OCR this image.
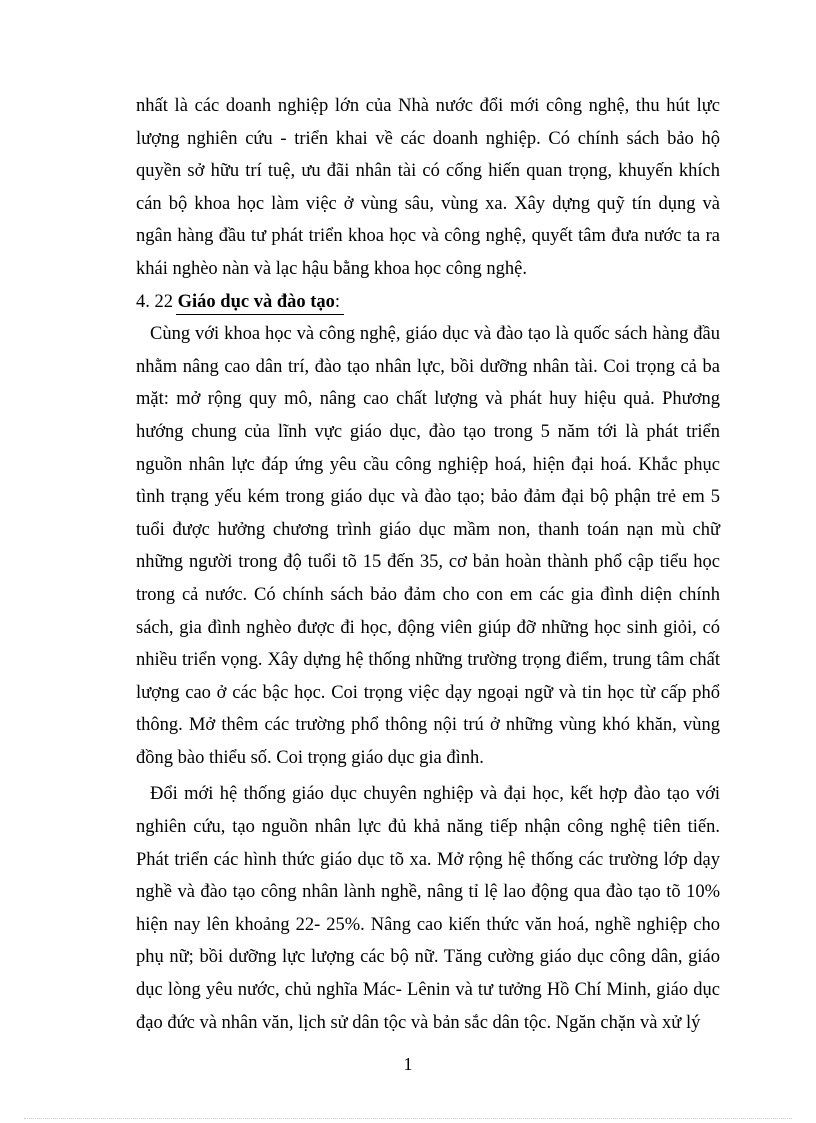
nhất là các doanh nghiệp lớn của Nhà nước đổi mới công nghệ, thu hút lực lượng nghiên cứu - triển khai về các doanh nghiệp. Có chính sách bảo hộ quyền sở hữu trí tuệ, ưu đãi nhân tài có cống hiến quan trọng, khuyến khích cán bộ khoa học làm việc ở vùng sâu, vùng xa. Xây dựng quỹ tín dụng và ngân hàng đầu tư phát triển khoa học và công nghệ, quyết tâm đưa nước ta ra khái nghèo nàn và lạc hậu bằng khoa học công nghệ.

4. 22 Giáo dục và đào tạo:

Cùng với khoa học và công nghệ, giáo dục và đào tạo là quốc sách hàng đầu nhằm nâng cao dân trí, đào tạo nhân lực, bồi dưỡng nhân tài. Coi trọng cả ba mặt: mở rộng quy mô, nâng cao chất lượng và phát huy hiệu quả. Phương hướng chung của lĩnh vực giáo dục, đào tạo trong 5 năm tới là phát triển nguồn nhân lực đáp ứng yêu cầu công nghiệp hoá, hiện đại hoá. Khắc phục tình trạng yếu kém trong giáo dục và đào tạo; bảo đảm đại bộ phận trẻ em 5 tuổi được hưởng chương trình giáo dục mầm non, thanh toán nạn mù chữ những người trong độ tuổi tõ 15 đến 35, cơ bản hoàn thành phổ cập tiểu học trong cả nước. Có chính sách bảo đảm cho con em các gia đình diện chính sách, gia đình nghèo được đi học, động viên giúp đỡ những học sinh giỏi, có nhiều triển vọng. Xây dựng hệ thống những trường trọng điểm, trung tâm chất lượng cao ở các bậc học. Coi trọng việc dạy ngoại ngữ và tin học từ cấp phổ thông. Mở thêm các trường phổ thông nội trú ở những vùng khó khăn, vùng đồng bào thiểu số. Coi trọng giáo dục gia đình.

Đổi mới hệ thống giáo dục chuyên nghiệp và đại học, kết hợp đào tạo với nghiên cứu, tạo nguồn nhân lực đủ khả năng tiếp nhận công nghệ tiên tiến. Phát triển các hình thức giáo dục tõ xa. Mở rộng hệ thống các trường lớp dạy nghề và đào tạo công nhân lành nghề, nâng tỉ lệ lao động qua đào tạo tõ 10% hiện nay lên khoảng 22- 25%. Nâng cao kiến thức văn hoá, nghề nghiệp cho phụ nữ; bồi dưỡng lực lượng các bộ nữ. Tăng cường giáo dục công dân, giáo dục lòng yêu nước, chủ nghĩa Mác- Lênin và tư tưởng Hồ Chí Minh, giáo dục đạo đức và nhân văn, lịch sử dân tộc và bản sắc dân tộc. Ngăn chặn và xử lý

1
